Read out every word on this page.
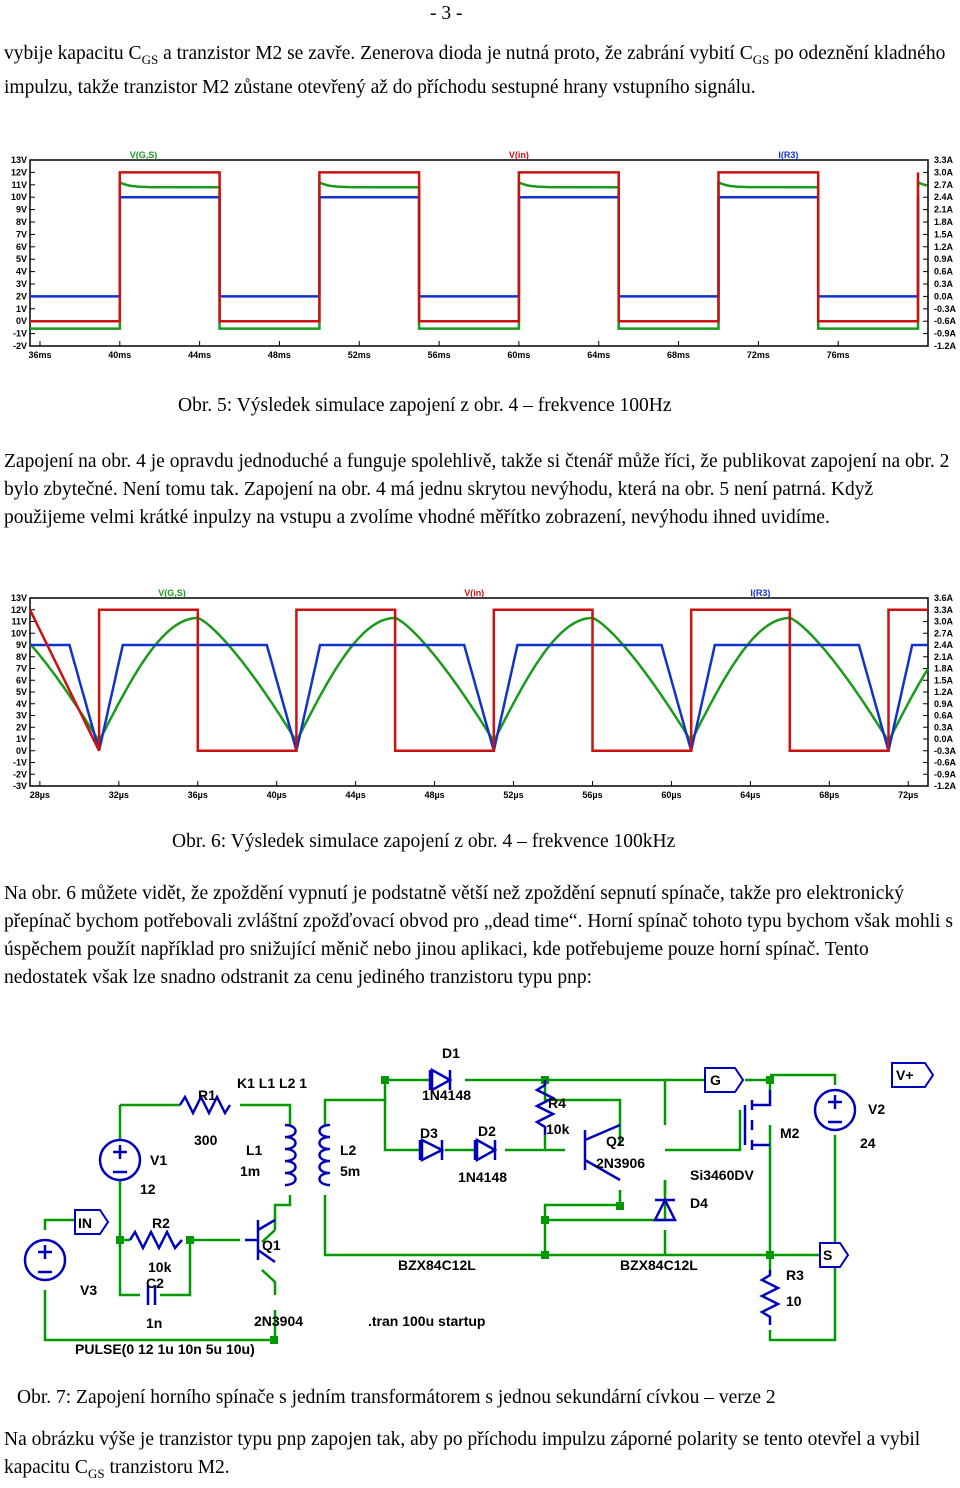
- 3 -
vybije kapacitu $C_{GS}$ a tranzistor M2 se zavře. Zenerova dioda je nutná proto, že zabrání vybití $C_{GS}$ po odeznění kladného impulzu, takže tranzistor M2 zůstane otevřený až do příchodu sestupné hrany vstupního signálu.
13V
12V
11V
10V
9V
8V
7V
6V
5V
4V
3V
2V
1V
0V
-1V
-2V
3.3A
3.0A
2.7A
2.4A
2.1A
1.8A
1.5A
1.2A
0.9A
0.6A
0.3A
0.0A
-0.3A
-0.6A
-0.9A
-1.2A
36ms	40ms	44ms	48ms	52ms	56ms	60ms	64ms	68ms	72ms	76ms
V(G,S)	V(in)	I(R3)
Obr. 5: Výsledek simulace zapojení z obr. 4 – frekvence 100Hz
Zapojení na obr. 4 je opravdu jednoduché a funguje spolehlivě, takže si čtenář může říci, že publikovat zapojení na obr. 2 bylo zbytečné. Není tomu tak. Zapojení na obr. 4 má jednu skrytou nevýhodu, která na obr. 5 není patrná. Když použijeme velmi krátké inpulzy na vstupu a zvolíme vhodné měřítko zobrazení, nevýhodu ihned uvidíme.
13V
12V
11V
10V
9V
8V
7V
6V
5V
4V
3V
2V
1V
0V
-1V
-2V
-3V
3.6A
3.3A
3.0A
2.7A
2.4A
2.1A
1.8A
1.5A
1.2A
0.9A
0.6A
0.3A
0.0A
-0.3A
-0.6A
-0.9A
-1.2A
28µs	32µs	36µs	40µs	44µs	48µs	52µs	56µs	60µs	64µs	68µs	72µs
V(G,S)	V(in)	I(R3)
Obr. 6: Výsledek simulace zapojení z obr. 4 – frekvence 100kHz
Na obr. 6 můžete vidět, že zpoždění vypnutí je podstatně větší než zpoždění sepnutí spínače, takže pro elektronický přepínač bychom potřebovali zvláštní zpožďovací obvod pro „dead time“. Horní spínač tohoto typu bychom však mohli s úspěchem použít například pro snižující měnič nebo jinou aplikaci, kde potřebujeme pouze horní spínač. Tento nedostatek však lze snadno odstranit za cenu jediného tranzistoru typu pnp:
D1
1N4148
R1
300
K1 L1 L2 1
L1
1m
L2
5m
V1
12
D3	D2
1N4148
R4
10k
Q2
2N3906
M2
Si3460DV
V2
24
D4
R2
10k
C2
1n
Q1
2N3904
V3
PULSE(0 12 1u 10n 5u 10u)
BZX84C12L	BZX84C12L
R3
10
.tran 100u startup
G	V+
S
IN
Obr. 7: Zapojení horního spínače s jedním transformátorem s jednou sekundární cívkou – verze 2
Na obrázku výše je tranzistor typu pnp zapojen tak, aby po příchodu impulzu záporné polarity se tento otevřel a vybil kapacitu $C_{GS}$ tranzistoru M2.
